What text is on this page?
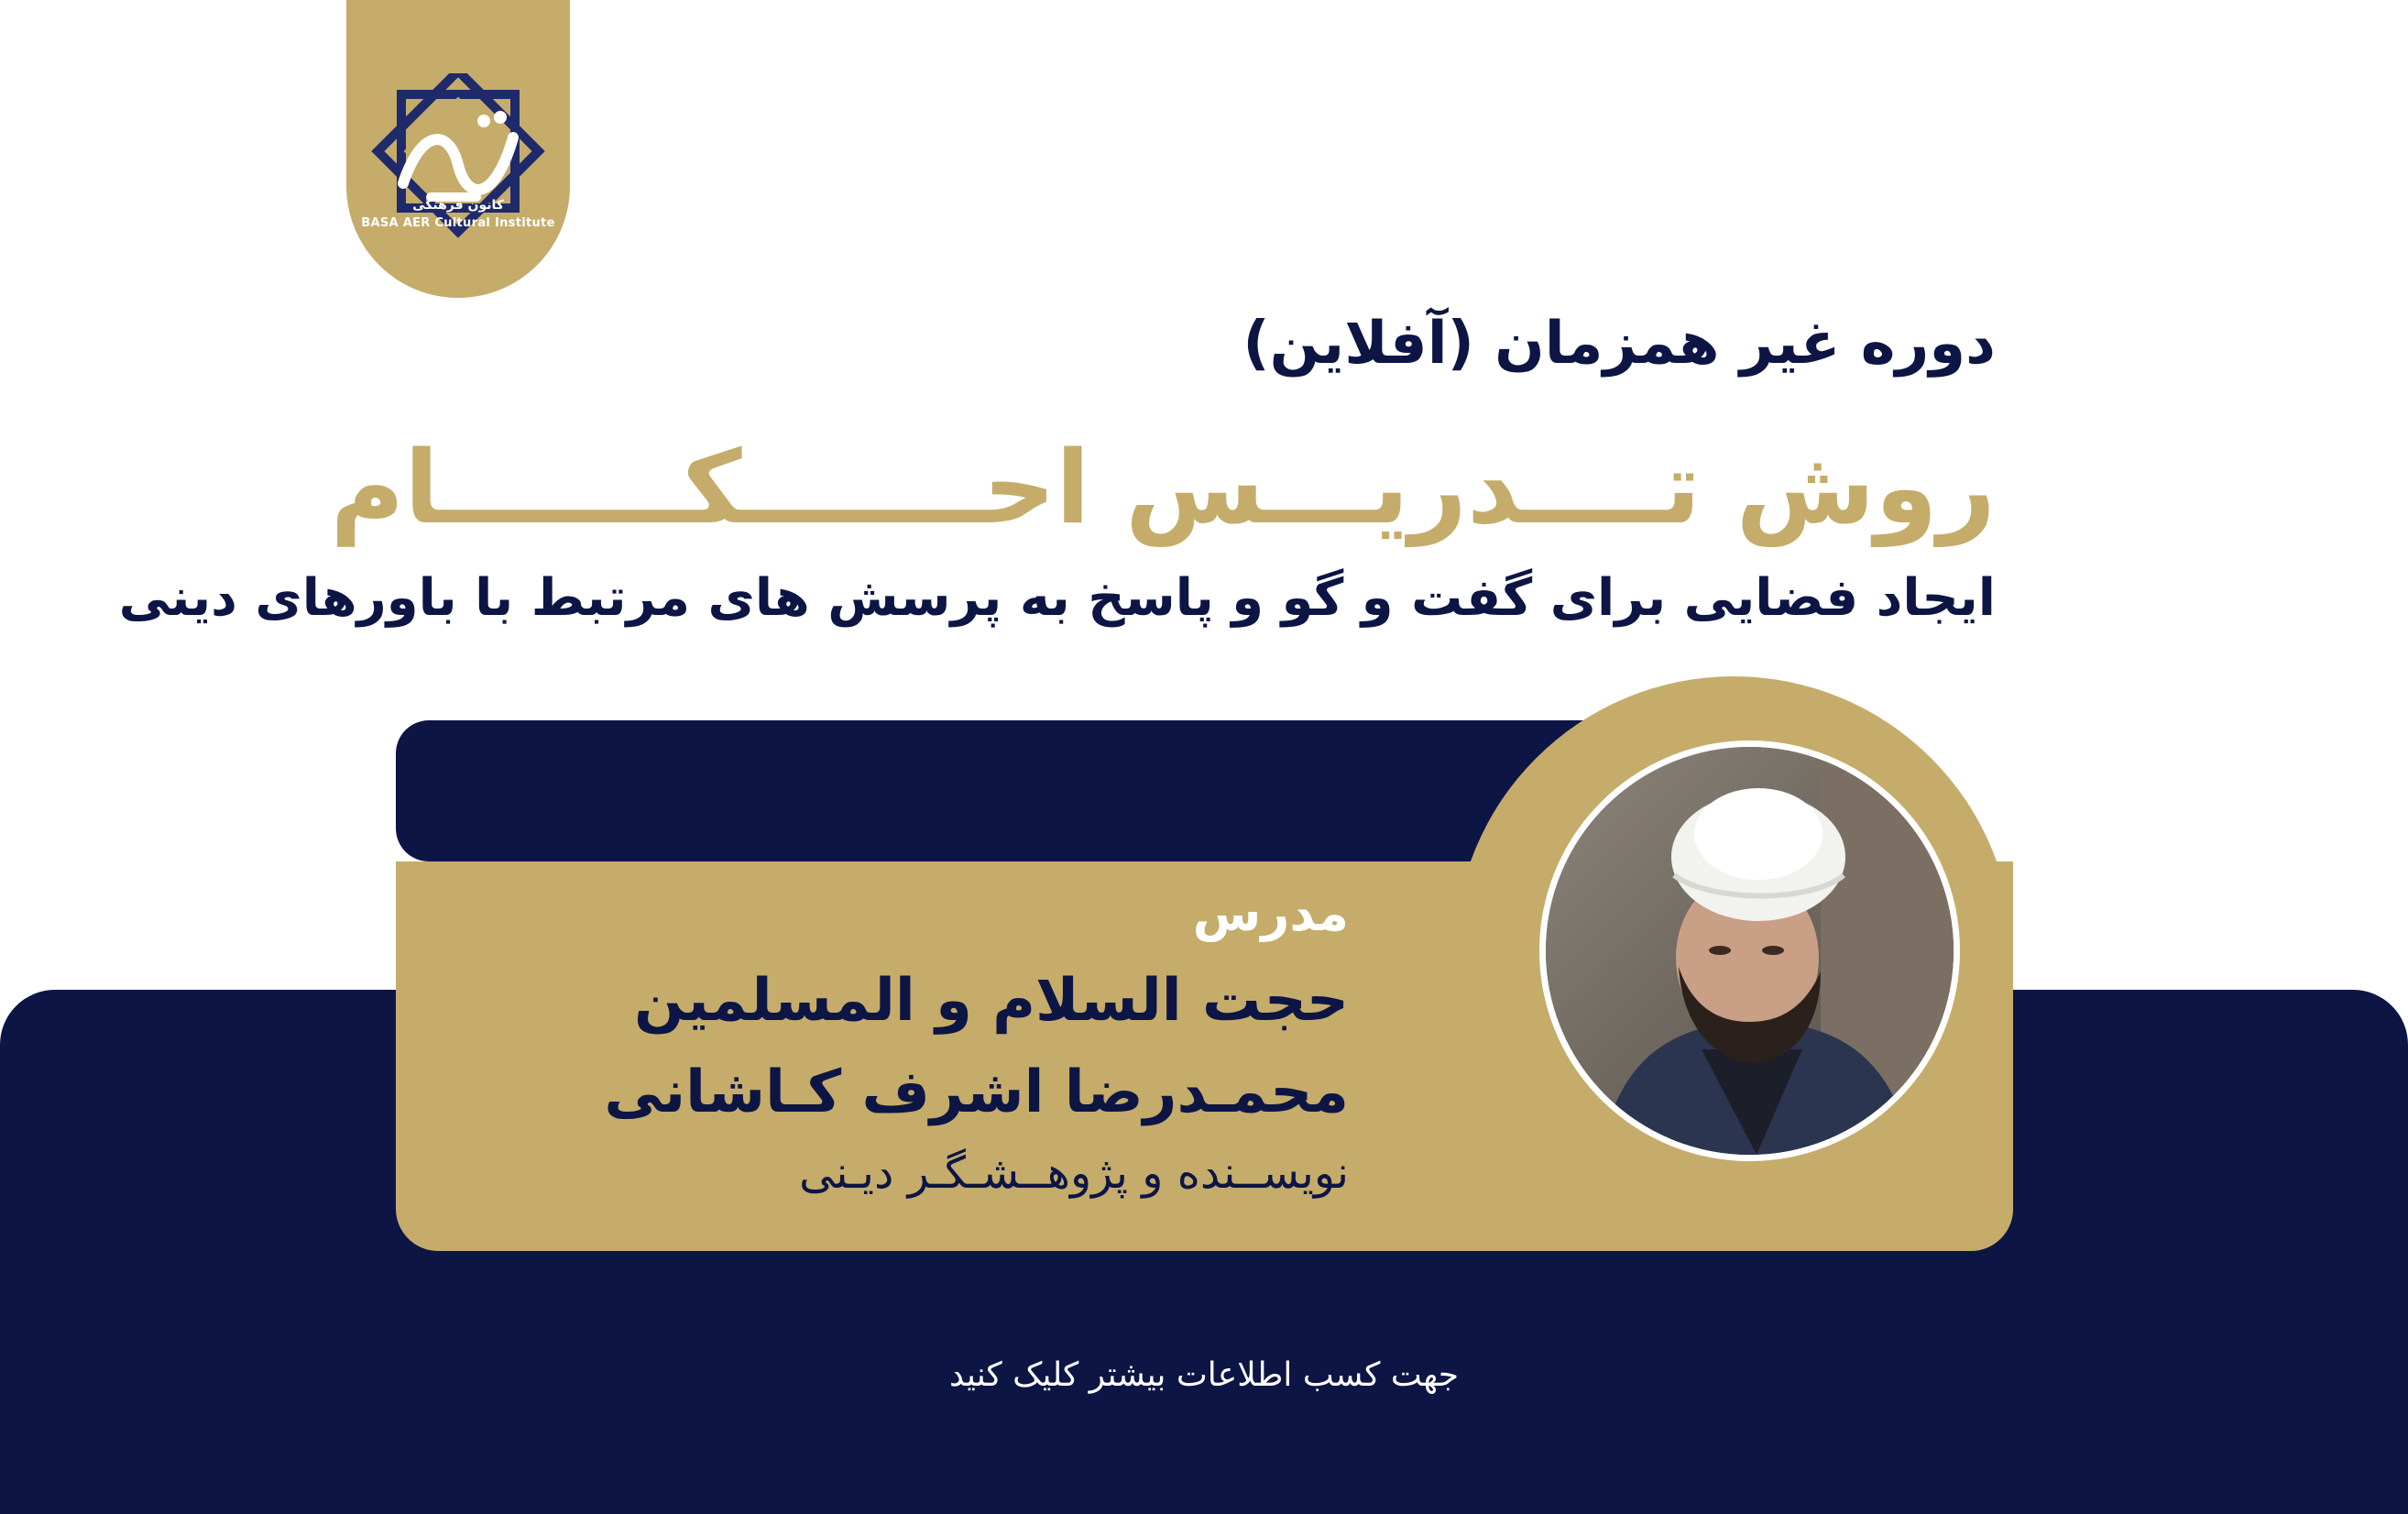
کانون فرهنگی
BASA AER Cultural Institute
دوره غیر همزمان (آفلاین)
روش تــــدریـــس احـــــــکـــــــام
ایجاد فضایی برای گفت و گو و پاسخ به پرسش های مرتبط با باورهای دینی
مدرس
حجت السلام و المسلمین
محمـدرضا اشرف کـاشانی
نویســنده و پژوهــشـگـر دیـنی
جهت کسب اطلاعات بیشتر کلیک کنید
